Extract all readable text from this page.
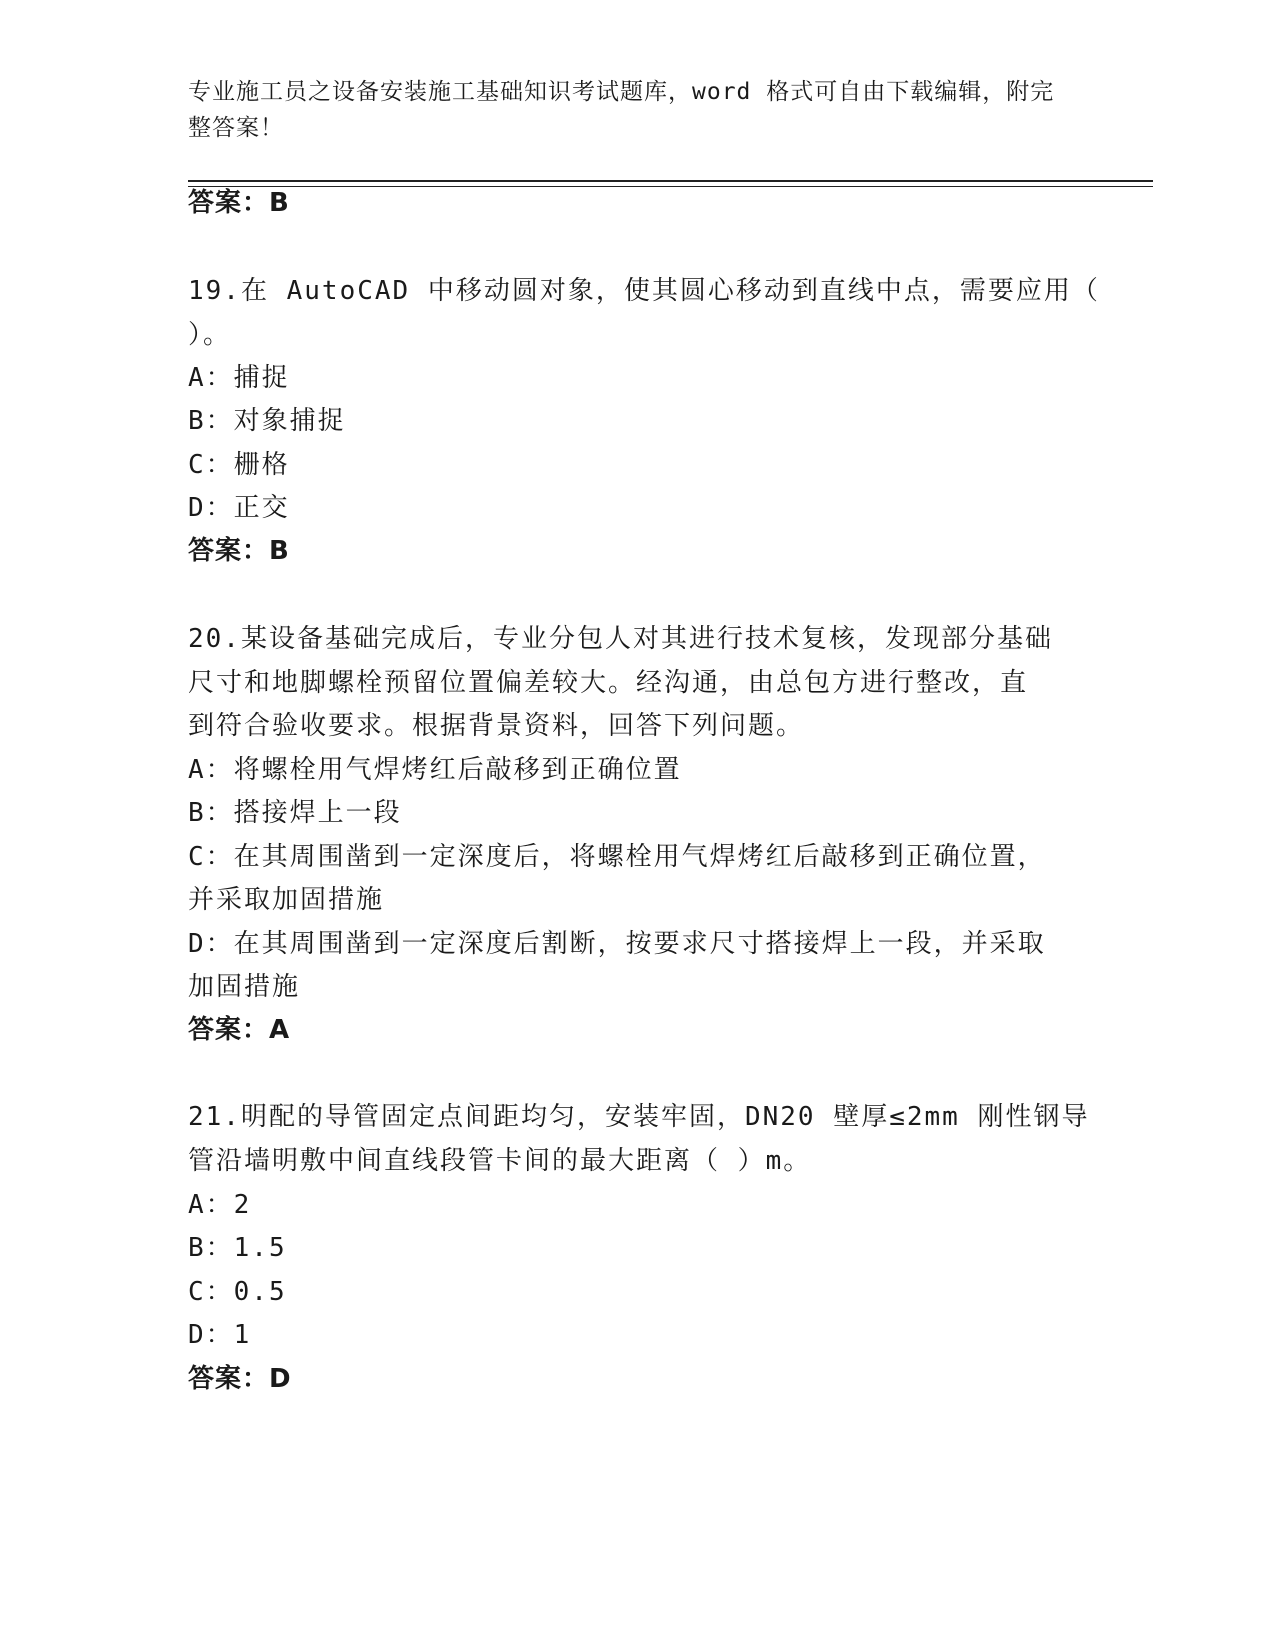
专业施工员之设备安装施工基础知识考试题库，word 格式可自由下载编辑，附完
整答案！
答案：B
19.在 AutoCAD 中移动圆对象，使其圆心移动到直线中点，需要应用（
）。
A：捕捉
B：对象捕捉
C：栅格
D：正交
答案：B
20.某设备基础完成后，专业分包人对其进行技术复核，发现部分基础
尺寸和地脚螺栓预留位置偏差较大。经沟通，由总包方进行整改，直
到符合验收要求。根据背景资料，回答下列问题。
A：将螺栓用气焊烤红后敲移到正确位置
B：搭接焊上一段
C：在其周围凿到一定深度后，将螺栓用气焊烤红后敲移到正确位置，
并采取加固措施
D：在其周围凿到一定深度后割断，按要求尺寸搭接焊上一段，并采取
加固措施
答案：A
21.明配的导管固定点间距均匀，安装牢固，DN20 壁厚≤2mm 刚性钢导
管沿墙明敷中间直线段管卡间的最大距离（ ）m。
A：2
B：1.5
C：0.5
D：1
答案：D
